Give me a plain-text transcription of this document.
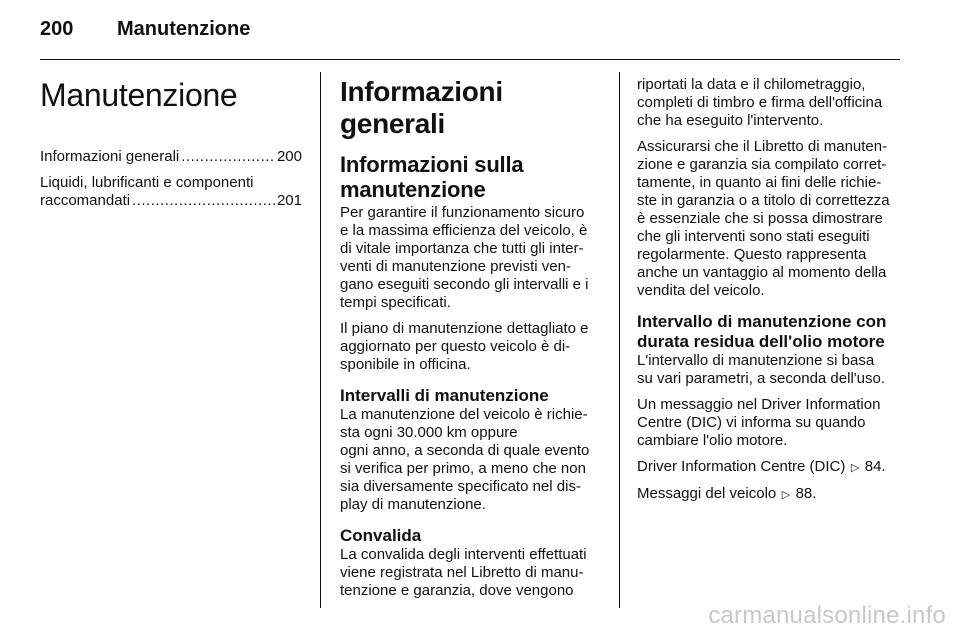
200 Manutenzione
Manutenzione
Informazioni generali .....	200
Liquidi, lubrificanti e componenti
raccomandati .....	201
Informazioni generali
Informazioni sulla
manutenzione

Per garantire il funzionamento sicuro
e la massima efficienza del veicolo, è
di vitale importanza che tutti gli inter-
venti di manutenzione previsti ven-
gano eseguiti secondo gli intervalli e i
tempi specificati.

Il piano di manutenzione dettagliato e
aggiornato per questo veicolo è di-
sponibile in officina.

Intervalli di manutenzione

La manutenzione del veicolo è richie-
sta ogni 30.000 km oppure
ogni anno, a seconda di quale evento
si verifica per primo, a meno che non
sia diversamente specificato nel dis-
play di manutenzione.

Convalida

La convalida degli interventi effettuati
viene registrata nel Libretto di manu-
tenzione e garanzia, dove vengono

riportati la data e il chilometraggio,
completi di timbro e firma dell'officina
che ha eseguito l'intervento.

Assicurarsi che il Libretto di manuten-
zione e garanzia sia compilato corret-
tamente, in quanto ai fini delle richie-
ste in garanzia o a titolo di correttezza
è essenziale che si possa dimostrare
che gli interventi sono stati eseguiti
regolarmente. Questo rappresenta
anche un vantaggio al momento della
vendita del veicolo.

Intervallo di manutenzione con
durata residua dell'olio motore

L'intervallo di manutenzione si basa
su vari parametri, a seconda dell'uso.

Un messaggio nel Driver Information
Centre (DIC) vi informa su quando
cambiare l'olio motore.

Driver Information Centre (DIC) ▷ 84.

Messaggi del veicolo ▷ 88.

carmanualsonline.info
